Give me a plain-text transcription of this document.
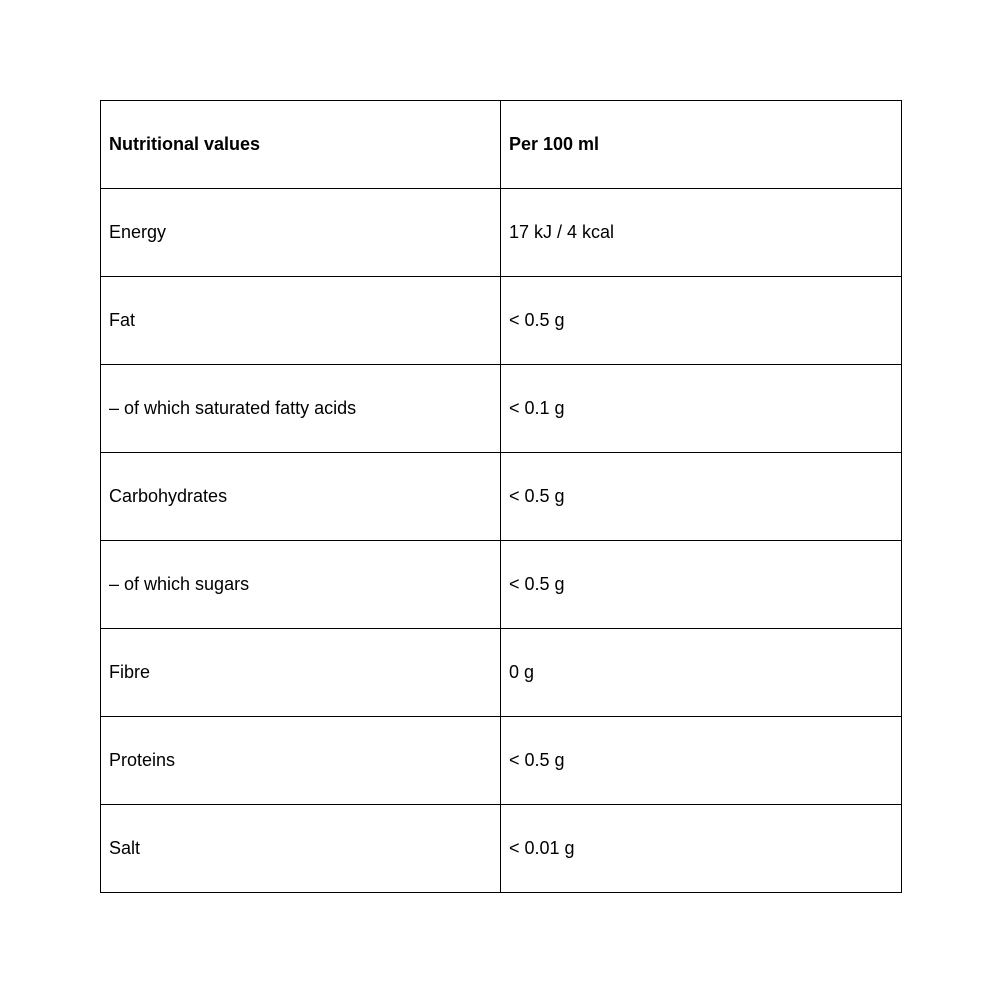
Nutritional values	Per 100 ml
Energy	17 kJ / 4 kcal
Fat	< 0.5 g
– of which saturated fatty acids	< 0.1 g
Carbohydrates	< 0.5 g
– of which sugars	< 0.5 g
Fibre	0 g
Proteins	< 0.5 g
Salt	< 0.01 g
